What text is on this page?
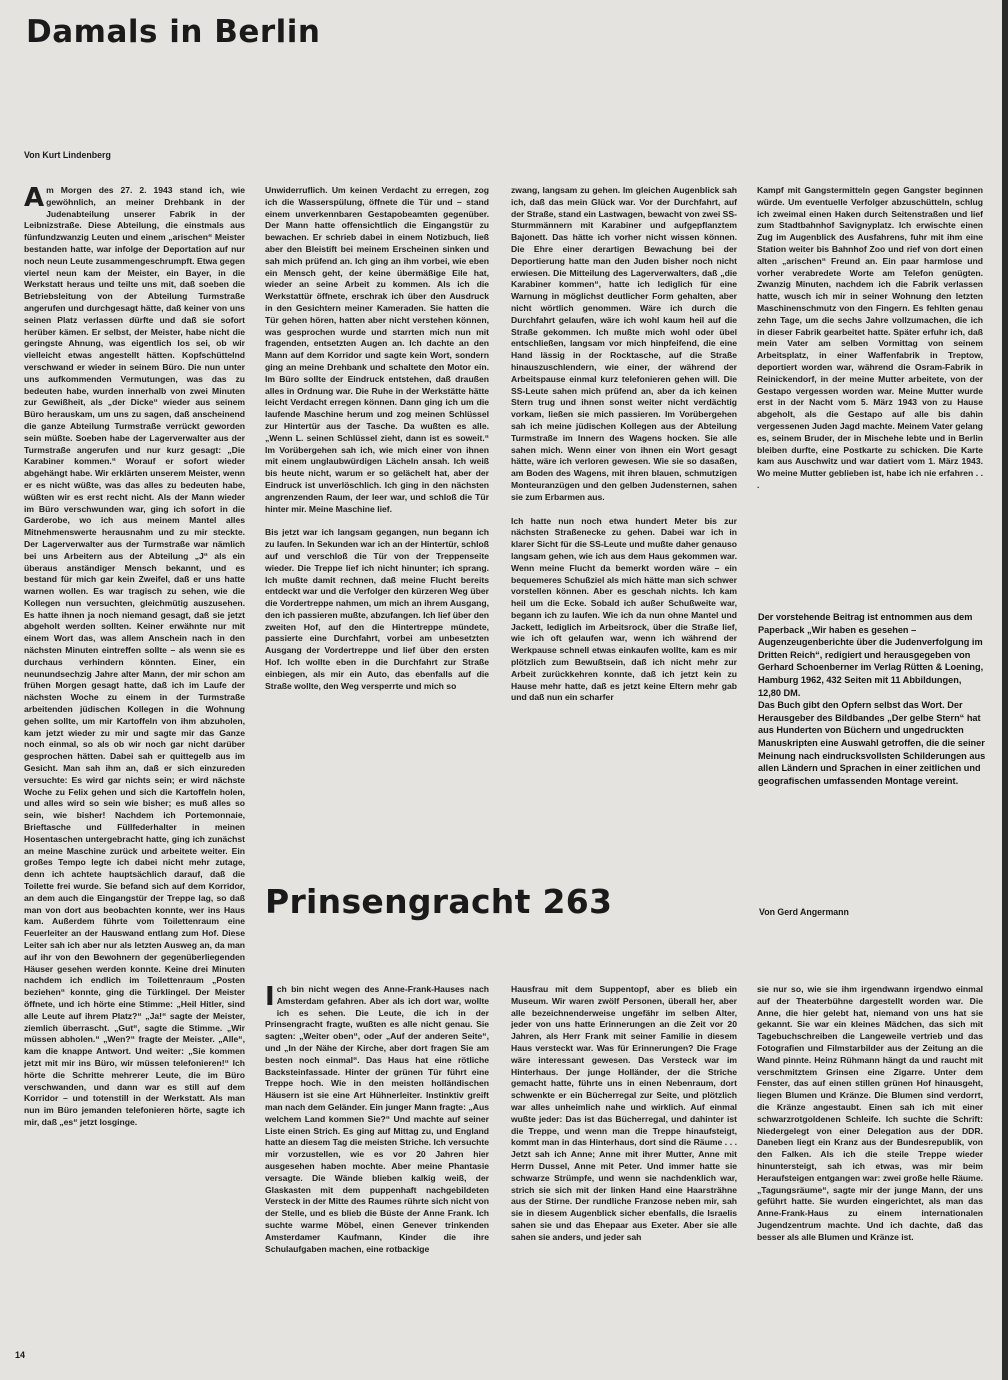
Damals in Berlin

Von Kurt Lindenberg

Am Morgen des 27. 2. 1943 stand ich, wie gewöhnlich, an meiner Drehbank in der Judenabteilung unserer Fabrik in der Leibnizstraße. Diese Abteilung, die einstmals aus fünfundzwanzig Leuten und einem „arischen“ Meister bestanden hatte, war infolge der Deportation auf nur noch neun Leute zusammengeschrumpft. Etwa gegen viertel neun kam der Meister, ein Bayer, in die Werkstatt heraus und teilte uns mit, daß soeben die Betriebsleitung von der Abteilung Turmstraße angerufen und durchgesagt hätte, daß keiner von uns seinen Platz verlassen dürfte und daß sie sofort herüber kämen. Er selbst, der Meister, habe nicht die geringste Ahnung, was eigentlich los sei, ob wir vielleicht etwas angestellt hätten. Kopfschüttelnd verschwand er wieder in seinem Büro. Die nun unter uns aufkommenden Vermutungen, was das zu bedeuten habe, wurden innerhalb von zwei Minuten zur Gewißheit, als „der Dicke“ wieder aus seinem Büro herauskam, um uns zu sagen, daß anscheinend die ganze Abteilung Turmstraße verrückt geworden sein müßte. Soeben habe der Lagerverwalter aus der Turmstraße angerufen und nur kurz gesagt: „Die Karabiner kommen.“ Worauf er sofort wieder abgehängt habe. Wir erklärten unserem Meister, wenn er es nicht wüßte, was das alles zu bedeuten habe, wüßten wir es erst recht nicht. Als der Mann wieder im Büro verschwunden war, ging ich sofort in die Garderobe, wo ich aus meinem Mantel alles Mitnehmenswerte herausnahm und zu mir steckte. Der Lagerverwalter aus der Turmstraße war nämlich bei uns Arbeitern aus der Abteilung „J“ als ein überaus anständiger Mensch bekannt, und es bestand für mich gar kein Zweifel, daß er uns hatte warnen wollen. Es war tragisch zu sehen, wie die Kollegen nun versuchten, gleichmütig auszusehen. Es hatte ihnen ja noch niemand gesagt, daß sie jetzt abgeholt werden sollten. Keiner erwähnte nur mit einem Wort das, was allem Anschein nach in den nächsten Minuten eintreffen sollte – als wenn sie es durchaus verhindern könnten. Einer, ein neunundsechzig Jahre alter Mann, der mir schon am frühen Morgen gesagt hatte, daß ich im Laufe der nächsten Woche zu einem in der Turmstraße arbeitenden jüdischen Kollegen in die Wohnung gehen sollte, um mir Kartoffeln von ihm abzuholen, kam jetzt wieder zu mir und sagte mir das Ganze noch einmal, so als ob wir noch gar nicht darüber gesprochen hätten. Dabei sah er quittegelb aus im Gesicht. Man sah ihm an, daß er sich einzureden versuchte: Es wird gar nichts sein; er wird nächste Woche zu Felix gehen und sich die Kartoffeln holen, und alles wird so sein wie bisher; es muß alles so sein, wie bisher! Nachdem ich Portemonnaie, Brieftasche und Füllfederhalter in meinen Hosentaschen untergebracht hatte, ging ich zunächst an meine Maschine zurück und arbeitete weiter. Ein großes Tempo legte ich dabei nicht mehr zutage, denn ich achtete hauptsächlich darauf, daß die Toilette frei wurde. Sie befand sich auf dem Korridor, an dem auch die Eingangstür der Treppe lag, so daß man von dort aus beobachten konnte, wer ins Haus kam. Außerdem führte vom Toilettenraum eine Feuerleiter an der Hauswand entlang zum Hof. Diese Leiter sah ich aber nur als letzten Ausweg an, da man auf ihr von den Bewohnern der gegenüberliegenden Häuser gesehen werden konnte. Keine drei Minuten nachdem ich endlich im Toilettenraum „Posten beziehen“ konnte, ging die Türklingel. Der Meister öffnete, und ich hörte eine Stimme: „Heil Hitler, sind alle Leute auf ihrem Platz?“ „Ja!“ sagte der Meister, ziemlich überrascht. „Gut“, sagte die Stimme. „Wir müssen abholen.“ „Wen?“ fragte der Meister. „Alle“, kam die knappe Antwort. Und weiter: „Sie kommen jetzt mit mir ins Büro, wir müssen telefonieren!“ Ich hörte die Schritte mehrerer Leute, die im Büro verschwanden, und dann war es still auf dem Korridor – und totenstill in der Werkstatt. Als man nun im Büro jemanden telefonieren hörte, sagte ich mir, daß „es“ jetzt losginge.

Unwiderruflich. Um keinen Verdacht zu erregen, zog ich die Wasserspülung, öffnete die Tür und – stand einem unverkennbaren Gestapobeamten gegenüber. Der Mann hatte offensichtlich die Eingangstür zu bewachen. Er schrieb dabei in einem Notizbuch, ließ aber den Bleistift bei meinem Erscheinen sinken und sah mich prüfend an. Ich ging an ihm vorbei, wie eben ein Mensch geht, der keine übermäßige Eile hat, wieder an seine Arbeit zu kommen. Als ich die Werkstattür öffnete, erschrak ich über den Ausdruck in den Gesichtern meiner Kameraden. Sie hatten die Tür gehen hören, hatten aber nicht verstehen können, was gesprochen wurde und starrten mich nun mit fragenden, entsetzten Augen an. Ich dachte an den Mann auf dem Korridor und sagte kein Wort, sondern ging an meine Drehbank und schaltete den Motor ein. Im Büro sollte der Eindruck entstehen, daß draußen alles in Ordnung war. Die Ruhe in der Werkstätte hätte leicht Verdacht erregen können. Dann ging ich um die laufende Maschine herum und zog meinen Schlüssel zur Hintertür aus der Tasche. Da wußten es alle. „Wenn L. seinen Schlüssel zieht, dann ist es soweit.“ Im Vorübergehen sah ich, wie mich einer von ihnen mit einem unglaubwürdigen Lächeln ansah. Ich weiß bis heute nicht, warum er so gelächelt hat, aber der Eindruck ist unverlöschlich. Ich ging in den nächsten angrenzenden Raum, der leer war, und schloß die Tür hinter mir. Meine Maschine lief.

Bis jetzt war ich langsam gegangen, nun begann ich zu laufen. In Sekunden war ich an der Hintertür, schloß auf und verschloß die Tür von der Treppenseite wieder. Die Treppe lief ich nicht hinunter; ich sprang. Ich mußte damit rechnen, daß meine Flucht bereits entdeckt war und die Verfolger den kürzeren Weg über die Vordertreppe nahmen, um mich an ihrem Ausgang, den ich passieren mußte, abzufangen. Ich lief über den zweiten Hof, auf den die Hintertreppe mündete, passierte eine Durchfahrt, vorbei am unbesetzten Ausgang der Vordertreppe und lief über den ersten Hof. Ich wollte eben in die Durchfahrt zur Straße einbiegen, als mir ein Auto, das ebenfalls auf die Straße wollte, den Weg versperrte und mich so

zwang, langsam zu gehen. Im gleichen Augenblick sah ich, daß das mein Glück war. Vor der Durchfahrt, auf der Straße, stand ein Lastwagen, bewacht von zwei SS-Sturmmännern mit Karabiner und aufgepflanztem Bajonett. Das hätte ich vorher nicht wissen können. Die Ehre einer derartigen Bewachung bei der Deportierung hatte man den Juden bisher noch nicht erwiesen. Die Mitteilung des Lagerverwalters, daß „die Karabiner kommen“, hatte ich lediglich für eine Warnung in möglichst deutlicher Form gehalten, aber nicht wörtlich genommen. Wäre ich durch die Durchfahrt gelaufen, wäre ich wohl kaum heil auf die Straße gekommen. Ich mußte mich wohl oder übel entschließen, langsam vor mich hinpfeifend, die eine Hand lässig in der Rocktasche, auf die Straße hinauszuschlendern, wie einer, der während der Arbeitspause einmal kurz telefonieren gehen will. Die SS-Leute sahen mich prüfend an, aber da ich keinen Stern trug und ihnen sonst weiter nicht verdächtig vorkam, ließen sie mich passieren. Im Vorübergehen sah ich meine jüdischen Kollegen aus der Abteilung Turmstraße im Innern des Wagens hocken. Sie alle sahen mich. Wenn einer von ihnen ein Wort gesagt hätte, wäre ich verloren gewesen. Wie sie so dasaßen, am Boden des Wagens, mit ihren blauen, schmutzigen Monteuranzügen und den gelben Judensternen, sahen sie zum Erbarmen aus.

Ich hatte nun noch etwa hundert Meter bis zur nächsten Straßenecke zu gehen. Dabei war ich in klarer Sicht für die SS-Leute und mußte daher genauso langsam gehen, wie ich aus dem Haus gekommen war. Wenn meine Flucht da bemerkt worden wäre – ein bequemeres Schußziel als mich hätte man sich schwer vorstellen können. Aber es geschah nichts. Ich kam heil um die Ecke. Sobald ich außer Schußweite war, begann ich zu laufen. Wie ich da nun ohne Mantel und Jackett, lediglich im Arbeitsrock, über die Straße lief, wie ich oft gelaufen war, wenn ich während der Werkpause schnell etwas einkaufen wollte, kam es mir plötzlich zum Bewußtsein, daß ich nicht mehr zur Arbeit zurückkehren konnte, daß ich jetzt kein zu Hause mehr hatte, daß es jetzt keine Eltern mehr gab und daß nun ein scharfer

Kampf mit Gangstermitteln gegen Gangster beginnen würde. Um eventuelle Verfolger abzuschütteln, schlug ich zweimal einen Haken durch Seitenstraßen und lief zum Stadtbahnhof Savignyplatz. Ich erwischte einen Zug im Augenblick des Ausfahrens, fuhr mit ihm eine Station weiter bis Bahnhof Zoo und rief von dort einen alten „arischen“ Freund an. Ein paar harmlose und vorher verabredete Worte am Telefon genügten. Zwanzig Minuten, nachdem ich die Fabrik verlassen hatte, wusch ich mir in seiner Wohnung den letzten Maschinenschmutz von den Fingern. Es fehlten genau zehn Tage, um die sechs Jahre vollzumachen, die ich in dieser Fabrik gearbeitet hatte. Später erfuhr ich, daß mein Vater am selben Vormittag von seinem Arbeitsplatz, in einer Waffenfabrik in Treptow, deportiert worden war, während die Osram-Fabrik in Reinickendorf, in der meine Mutter arbeitete, von der Gestapo vergessen worden war. Meine Mutter wurde erst in der Nacht vom 5. März 1943 von zu Hause abgeholt, als die Gestapo auf alle bis dahin vergessenen Juden Jagd machte. Meinem Vater gelang es, seinem Bruder, der in Mischehe lebte und in Berlin bleiben durfte, eine Postkarte zu schicken. Die Karte kam aus Auschwitz und war datiert vom 1. März 1943. Wo meine Mutter geblieben ist, habe ich nie erfahren . . .

Der vorstehende Beitrag ist entnommen aus dem Paperback „Wir haben es gesehen – Augenzeugenberichte über die Judenverfolgung im Dritten Reich“, redigiert und herausgegeben von Gerhard Schoenberner im Verlag Rütten & Loening, Hamburg 1962, 432 Seiten mit 11 Abbildungen, 12,80 DM.

Das Buch gibt den Opfern selbst das Wort. Der Herausgeber des Bildbandes „Der gelbe Stern“ hat aus Hunderten von Büchern und ungedruckten Manuskripten eine Auswahl getroffen, die die seiner Meinung nach eindrucksvollsten Schilderungen aus allen Ländern und Sprachen in einer zeitlichen und geografischen umfassenden Montage vereint.

Prinsengracht 263	Von Gerd Angermann

Ich bin nicht wegen des Anne-Frank-Hauses nach Amsterdam gefahren. Aber als ich dort war, wollte ich es sehen. Die Leute, die ich in der Prinsengracht fragte, wußten es alle nicht genau. Sie sagten: „Weiter oben“, oder „Auf der anderen Seite“, und „In der Nähe der Kirche, aber dort fragen Sie am besten noch einmal“. Das Haus hat eine rötliche Backsteinfassade. Hinter der grünen Tür führt eine Treppe hoch. Wie in den meisten holländischen Häusern ist sie eine Art Hühnerleiter. Instinktiv greift man nach dem Geländer. Ein junger Mann fragte: „Aus welchem Land kommen Sie?“ Und machte auf seiner Liste einen Strich. Es ging auf Mittag zu, und England hatte an diesem Tag die meisten Striche. Ich versuchte mir vorzustellen, wie es vor 20 Jahren hier ausgesehen haben mochte. Aber meine Phantasie versagte. Die Wände blieben kalkig weiß, der Glaskasten mit dem puppenhaft nachgebildeten Versteck in der Mitte des Raumes rührte sich nicht von der Stelle, und es blieb die Büste der Anne Frank. Ich suchte warme Möbel, einen Genever trinkenden Amsterdamer Kaufmann, Kinder die ihre Schulaufgaben machen, eine rotbackige

Hausfrau mit dem Suppentopf, aber es blieb ein Museum. Wir waren zwölf Personen, überall her, aber alle bezeichnenderweise ungefähr im selben Alter, jeder von uns hatte Erinnerungen an die Zeit vor 20 Jahren, als Herr Frank mit seiner Familie in diesem Haus versteckt war. Was für Erinnerungen? Die Frage wäre interessant gewesen. Das Versteck war im Hinterhaus. Der junge Holländer, der die Striche gemacht hatte, führte uns in einen Nebenraum, dort schwenkte er ein Bücherregal zur Seite, und plötzlich war alles unheimlich nahe und wirklich. Auf einmal wußte jeder: Das ist das Bücherregal, und dahinter ist die Treppe, und wenn man die Treppe hinaufsteigt, kommt man in das Hinterhaus, dort sind die Räume . . . Jetzt sah ich Anne; Anne mit ihrer Mutter, Anne mit Herrn Dussel, Anne mit Peter. Und immer hatte sie schwarze Strümpfe, und wenn sie nachdenklich war, strich sie sich mit der linken Hand eine Haarsträhne aus der Stirne. Der rundliche Franzose neben mir, sah sie in diesem Augenblick sicher ebenfalls, die Israelis sahen sie und das Ehepaar aus Exeter. Aber sie alle sahen sie anders, und jeder sah

sie nur so, wie sie ihm irgendwann irgendwo einmal auf der Theaterbühne dargestellt worden war. Die Anne, die hier gelebt hat, niemand von uns hat sie gekannt. Sie war ein kleines Mädchen, das sich mit Tagebuchschreiben die Langeweile vertrieb und das Fotografien und Filmstarbilder aus der Zeitung an die Wand pinnte. Heinz Rühmann hängt da und raucht mit verschmitztem Grinsen eine Zigarre. Unter dem Fenster, das auf einen stillen grünen Hof hinausgeht, liegen Blumen und Kränze. Die Blumen sind verdorrt, die Kränze angestaubt. Einen sah ich mit einer schwarzrotgoldenen Schleife. Ich suchte die Schrift: Niedergelegt von einer Delegation aus der DDR. Daneben liegt ein Kranz aus der Bundesrepublik, von den Falken. Als ich die steile Treppe wieder hinuntersteigt, sah ich etwas, was mir beim Heraufsteigen entgangen war: zwei große helle Räume. „Tagungsräume“, sagte mir der junge Mann, der uns geführt hatte. Sie wurden eingerichtet, als man das Anne-Frank-Haus zu einem internationalen Jugendzentrum machte. Und ich dachte, daß das besser als alle Blumen und Kränze ist.

14
